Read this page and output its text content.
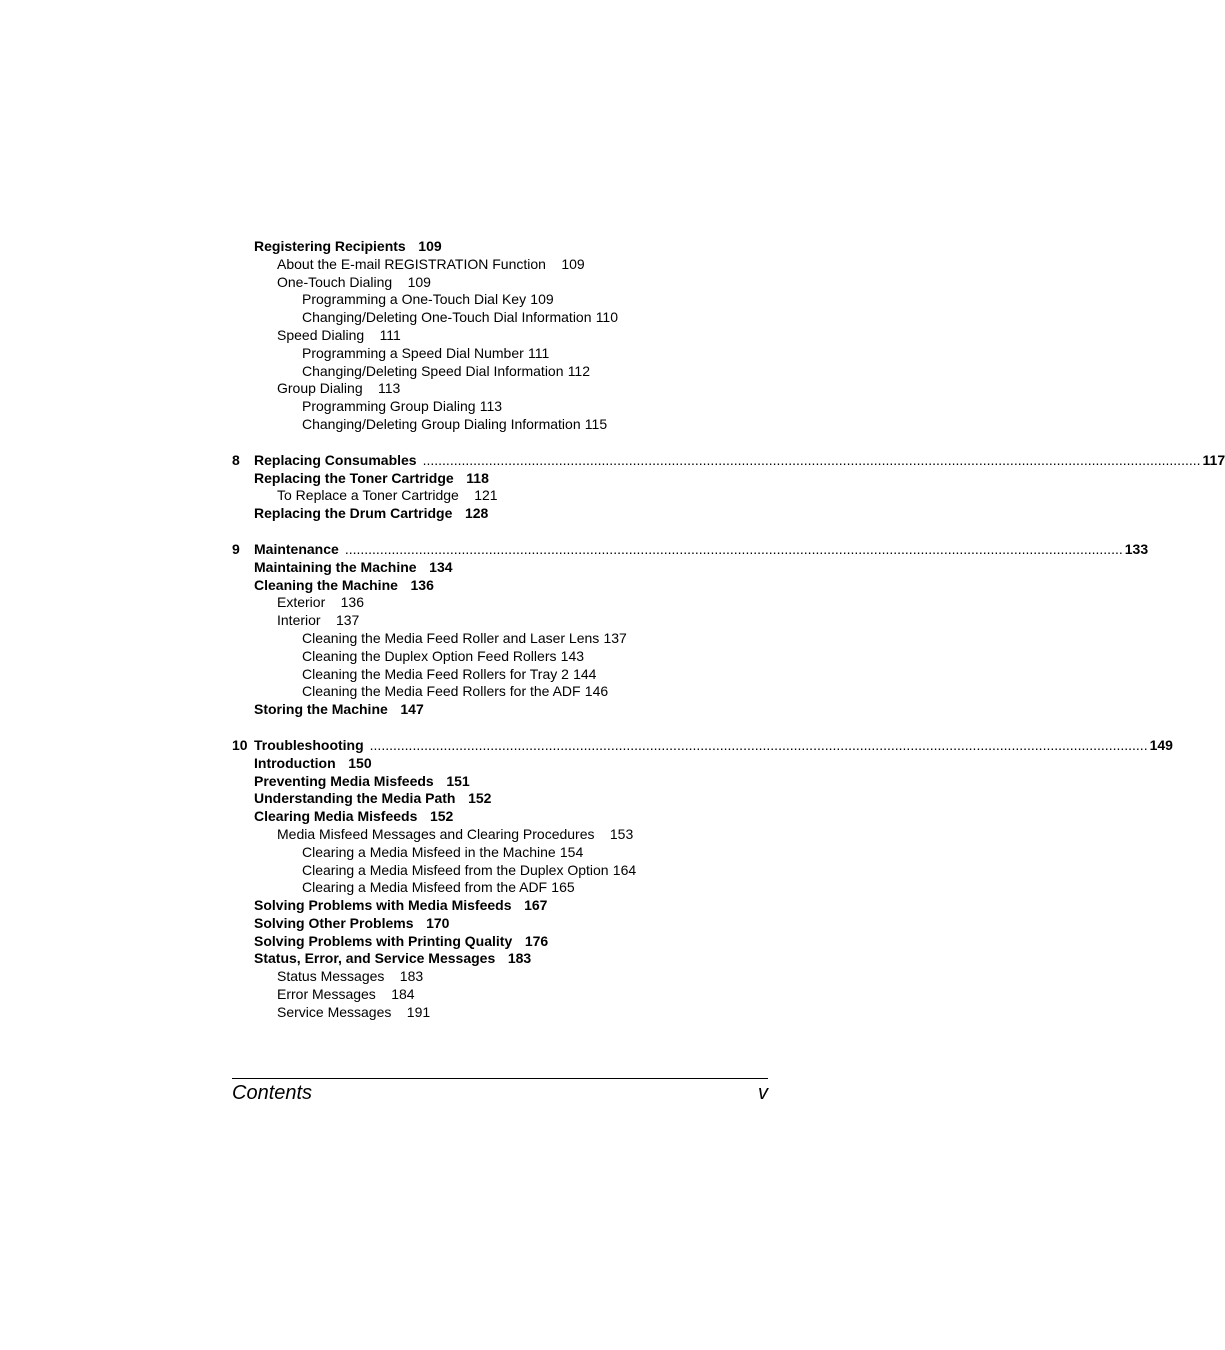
Registering Recipients 109
About the E-mail REGISTRATION Function 109
One-Touch Dialing 109
Programming a One-Touch Dial Key 109
Changing/Deleting One-Touch Dial Information 110
Speed Dialing 111
Programming a Speed Dial Number 111
Changing/Deleting Speed Dial Information 112
Group Dialing 113
Programming Group Dialing 113
Changing/Deleting Group Dialing Information 115
8	Replacing Consumables ........................................................................................................................................................................................................ 117
Replacing the Toner Cartridge 118
To Replace a Toner Cartridge 121
Replacing the Drum Cartridge 128
9	Maintenance ........................................................................................................................................................................................................ 133
Maintaining the Machine 134
Cleaning the Machine 136
Exterior 136
Interior 137
Cleaning the Media Feed Roller and Laser Lens 137
Cleaning the Duplex Option Feed Rollers 143
Cleaning the Media Feed Rollers for Tray 2 144
Cleaning the Media Feed Rollers for the ADF 146
Storing the Machine 147
10 Troubleshooting ........................................................................................................................................................................................................ 149
Introduction 150
Preventing Media Misfeeds 151
Understanding the Media Path 152
Clearing Media Misfeeds 152
Media Misfeed Messages and Clearing Procedures 153
Clearing a Media Misfeed in the Machine 154
Clearing a Media Misfeed from the Duplex Option 164
Clearing a Media Misfeed from the ADF 165
Solving Problems with Media Misfeeds 167
Solving Other Problems 170
Solving Problems with Printing Quality 176
Status, Error, and Service Messages 183
Status Messages 183
Error Messages 184
Service Messages 191
Contents	v
